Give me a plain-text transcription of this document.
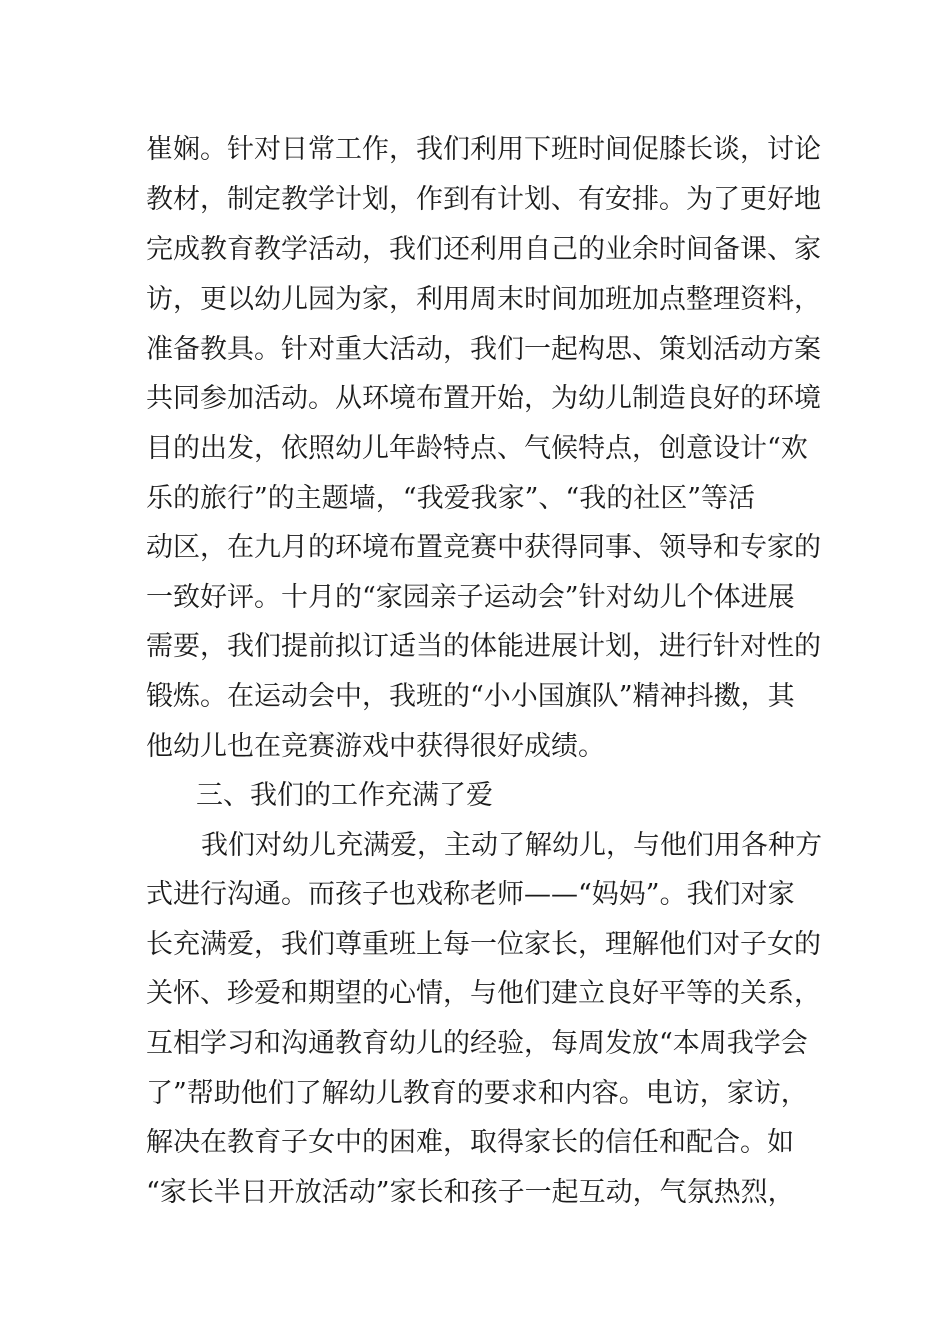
崔娴。针对日常工作，我们利用下班时间促膝长谈，讨论
教材，制定教学计划，作到有计划、有安排。为了更好地
完成教育教学活动，我们还利用自己的业余时间备课、家
访，更以幼儿园为家，利用周末时间加班加点整理资料，
准备教具。针对重大活动，我们一起构思、策划活动方案
共同参加活动。从环境布置开始，为幼儿制造良好的环境
目的出发，依照幼儿年龄特点、气候特点，创意设计“欢
乐的旅行”的主题墙，“我爱我家”、“我的社区”等活
动区，在九月的环境布置竞赛中获得同事、领导和专家的
一致好评。十月的“家园亲子运动会”针对幼儿个体进展
需要，我们提前拟订适当的体能进展计划，进行针对性的
锻炼。在运动会中，我班的“小小国旗队”精神抖擞，其
他幼儿也在竞赛游戏中获得很好成绩。
三、我们的工作充满了爱
我们对幼儿充满爱，主动了解幼儿，与他们用各种方
式进行沟通。而孩子也戏称老师——“妈妈”。我们对家
长充满爱，我们尊重班上每一位家长，理解他们对子女的
关怀、珍爱和期望的心情，与他们建立良好平等的关系，
互相学习和沟通教育幼儿的经验，每周发放“本周我学会
了”帮助他们了解幼儿教育的要求和内容。电访，家访，
解决在教育子女中的困难，取得家长的信任和配合。如
“家长半日开放活动”家长和孩子一起互动，气氛热烈，
